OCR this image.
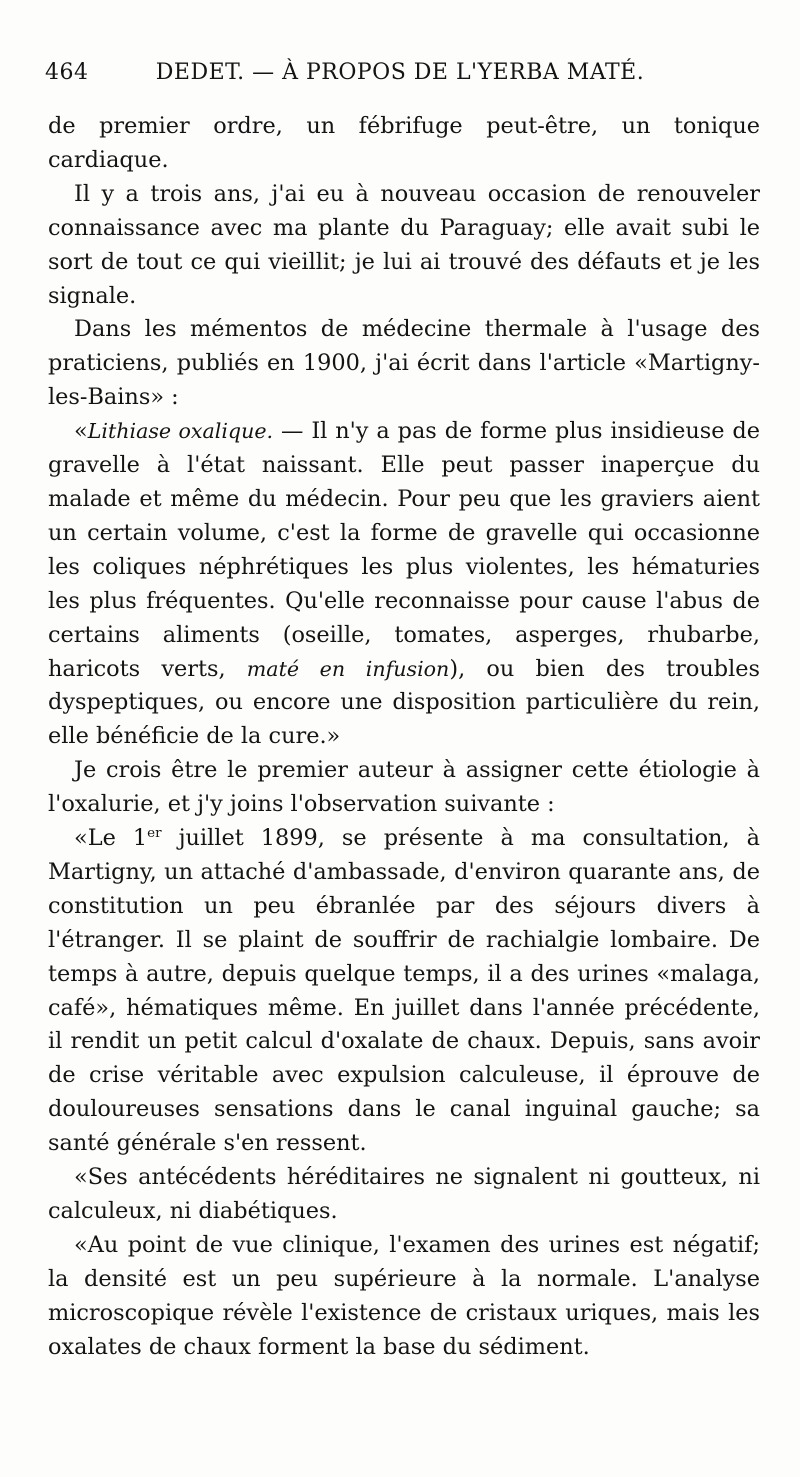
464	DEDET. — À PROPOS DE L'YERBA MATÉ.

de premier ordre, un fébrifuge peut-être, un tonique cardiaque.

Il y a trois ans, j'ai eu à nouveau occasion de renouveler connaissance avec ma plante du Paraguay; elle avait subi le sort de tout ce qui vieillit; je lui ai trouvé des défauts et je les signale.

Dans les mémentos de médecine thermale à l'usage des praticiens, publiés en 1900, j'ai écrit dans l'article «Martigny-les-Bains» :

«Lithiase oxalique. — Il n'y a pas de forme plus insidieuse de gravelle à l'état naissant. Elle peut passer inaperçue du malade et même du médecin. Pour peu que les graviers aient un certain volume, c'est la forme de gravelle qui occasionne les coliques néphrétiques les plus violentes, les hématuries les plus fréquentes. Qu'elle reconnaisse pour cause l'abus de certains aliments (oseille, tomates, asperges, rhubarbe, haricots verts, maté en infusion), ou bien des troubles dyspeptiques, ou encore une disposition particulière du rein, elle bénéficie de la cure.»

Je crois être le premier auteur à assigner cette étiologie à l'oxalurie, et j'y joins l'observation suivante :

«Le 1er juillet 1899, se présente à ma consultation, à Martigny, un attaché d'ambassade, d'environ quarante ans, de constitution un peu ébranlée par des séjours divers à l'étranger. Il se plaint de souffrir de rachialgie lombaire. De temps à autre, depuis quelque temps, il a des urines «malaga, café», hématiques même. En juillet dans l'année précédente, il rendit un petit calcul d'oxalate de chaux. Depuis, sans avoir de crise véritable avec expulsion calculeuse, il éprouve de douloureuses sensations dans le canal inguinal gauche; sa santé générale s'en ressent.

«Ses antécédents héréditaires ne signalent ni goutteux, ni calculeux, ni diabétiques.

«Au point de vue clinique, l'examen des urines est négatif; la densité est un peu supérieure à la normale. L'analyse microscopique révèle l'existence de cristaux uriques, mais les oxalates de chaux forment la base du sédiment.
